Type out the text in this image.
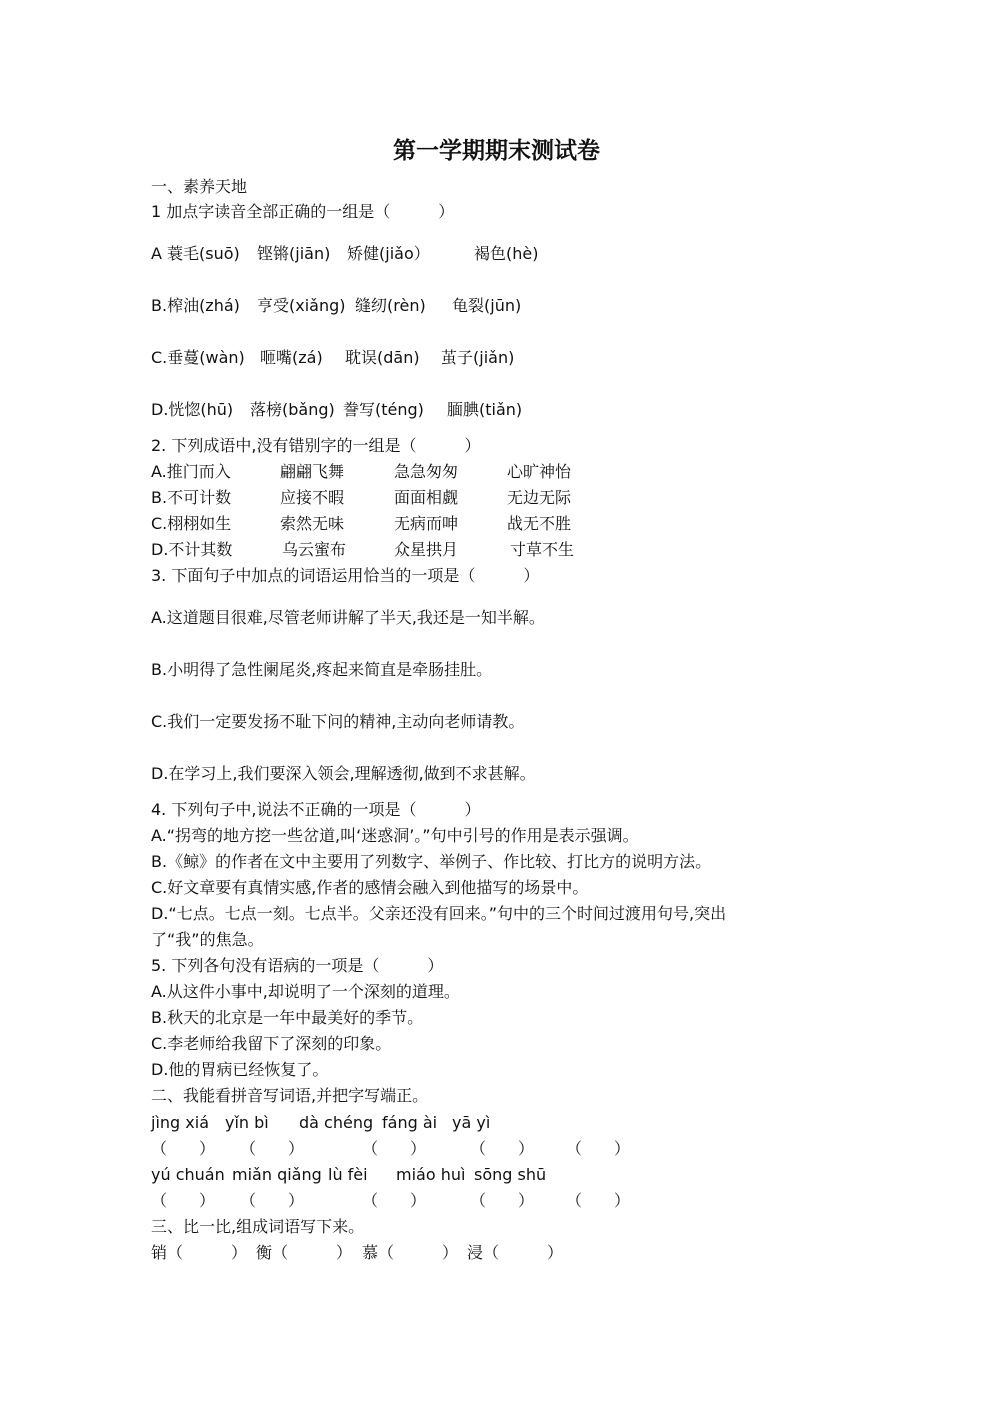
第一学期期末测试卷
一、素养天地
1 加点字读音全部正确的一组是（　　　）
A 蓑毛(suō) 铿锵(jiān) 矫健(jiǎo）	褐色(hè)
B.榨油(zhá) 亨受(xiǎng) 缝纫(rèn) 龟裂(jūn)
C.垂蔓(wàn) 咂嘴(zá) 耽误(dān) 茧子(jiǎn)
D.恍惚(hū) 落榜(bǎng) 誊写(téng) 腼腆(tiǎn)
2. 下列成语中,没有错别字的一组是（　　　）
A.推门而入	翩翩飞舞	急急匆匆	心旷神怡
B.不可计数	应接不暇	面面相觑	无边无际
C.栩栩如生	索然无味	无病而呻	战无不胜
D.不计其数	乌云蜜布	众星拱月	寸草不生
3. 下面句子中加点的词语运用恰当的一项是（　　　）
A.这道题目很难,尽管老师讲解了半天,我还是一知半解。
B.小明得了急性阑尾炎,疼起来简直是牵肠挂肚。
C.我们一定要发扬不耻下问的精神,主动向老师请教。
D.在学习上,我们要深入领会,理解透彻,做到不求甚解。
4. 下列句子中,说法不正确的一项是（　　　）
A.“拐弯的地方挖一些岔道,叫‘迷惑洞’。”句中引号的作用是表示强调。
B.《鲸》的作者在文中主要用了列数字、举例子、作比较、打比方的说明方法。
C.好文章要有真情实感,作者的感情会融入到他描写的场景中。
D.“七点。七点一刻。七点半。父亲还没有回来。”句中的三个时间过渡用句号,突出
了“我”的焦急。
5. 下列各句没有语病的一项是（　　　）
A.从这件小事中,却说明了一个深刻的道理。
B.秋天的北京是一年中最美好的季节。
C.李老师给我留下了深刻的印象。
D.他的胃病已经恢复了。
二、我能看拼音写词语,并把字写端正。
jìng xiá yǐn bì dà chéng fáng ài yā yì
（　　） （　　）	（　　）	（　　） （　　）
yú chuán miǎn qiǎng lù fèi miáo huì sōng shū
（　　） （　　）	（　　）	（　　） （　　）
三、比一比,组成词语写下来。
销（　　　） 衡（　　　） 慕（　　　） 浸（　　　）
